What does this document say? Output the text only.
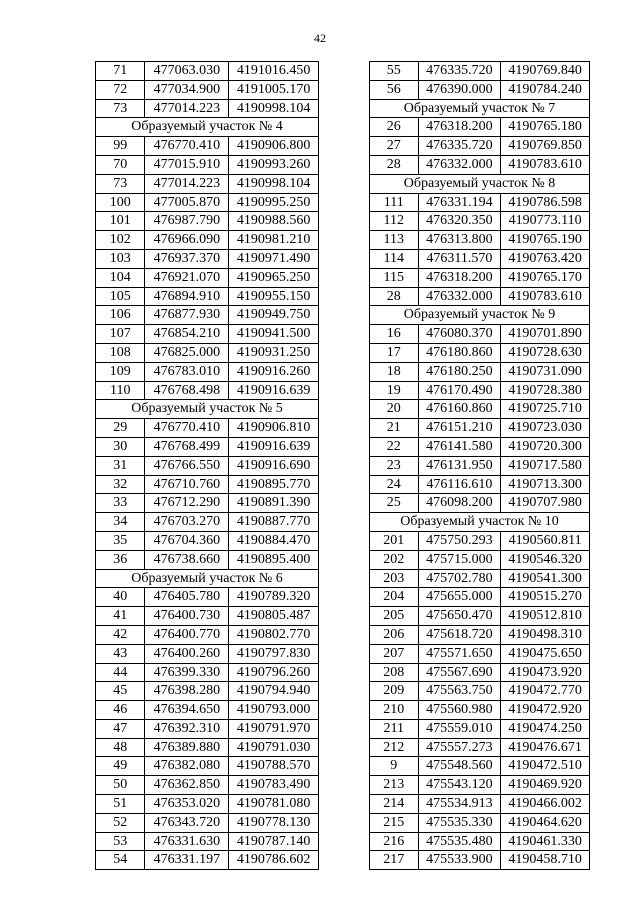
42
71	477063.030	4191016.450
72	477034.900	4191005.170
73	477014.223	4190998.104
Образуемый участок № 4		
99	476770.410	4190906.800
70	477015.910	4190993.260
73	477014.223	4190998.104
100	477005.870	4190995.250
101	476987.790	4190988.560
102	476966.090	4190981.210
103	476937.370	4190971.490
104	476921.070	4190965.250
105	476894.910	4190955.150
106	476877.930	4190949.750
107	476854.210	4190941.500
108	476825.000	4190931.250
109	476783.010	4190916.260
110	476768.498	4190916.639
Образуемый участок № 5		
29	476770.410	4190906.810
30	476768.499	4190916.639
31	476766.550	4190916.690
32	476710.760	4190895.770
33	476712.290	4190891.390
34	476703.270	4190887.770
35	476704.360	4190884.470
36	476738.660	4190895.400
Образуемый участок № 6		
40	476405.780	4190789.320
41	476400.730	4190805.487
42	476400.770	4190802.770
43	476400.260	4190797.830
44	476399.330	4190796.260
45	476398.280	4190794.940
46	476394.650	4190793.000
47	476392.310	4190791.970
48	476389.880	4190791.030
49	476382.080	4190788.570
50	476362.850	4190783.490
51	476353.020	4190781.080
52	476343.720	4190778.130
53	476331.630	4190787.140
54	476331.197	4190786.602
55	476335.720	4190769.840
56	476390.000	4190784.240
Образуемый участок № 7		
26	476318.200	4190765.180
27	476335.720	4190769.850
28	476332.000	4190783.610
Образуемый участок № 8		
111	476331.194	4190786.598
112	476320.350	4190773.110
113	476313.800	4190765.190
114	476311.570	4190763.420
115	476318.200	4190765.170
28	476332.000	4190783.610
Образуемый участок № 9		
16	476080.370	4190701.890
17	476180.860	4190728.630
18	476180.250	4190731.090
19	476170.490	4190728.380
20	476160.860	4190725.710
21	476151.210	4190723.030
22	476141.580	4190720.300
23	476131.950	4190717.580
24	476116.610	4190713.300
25	476098.200	4190707.980
Образуемый участок № 10		
201	475750.293	4190560.811
202	475715.000	4190546.320
203	475702.780	4190541.300
204	475655.000	4190515.270
205	475650.470	4190512.810
206	475618.720	4190498.310
207	475571.650	4190475.650
208	475567.690	4190473.920
209	475563.750	4190472.770
210	475560.980	4190472.920
211	475559.010	4190474.250
212	475557.273	4190476.671
9	475548.560	4190472.510
213	475543.120	4190469.920
214	475534.913	4190466.002
215	475535.330	4190464.620
216	475535.480	4190461.330
217	475533.900	4190458.710
